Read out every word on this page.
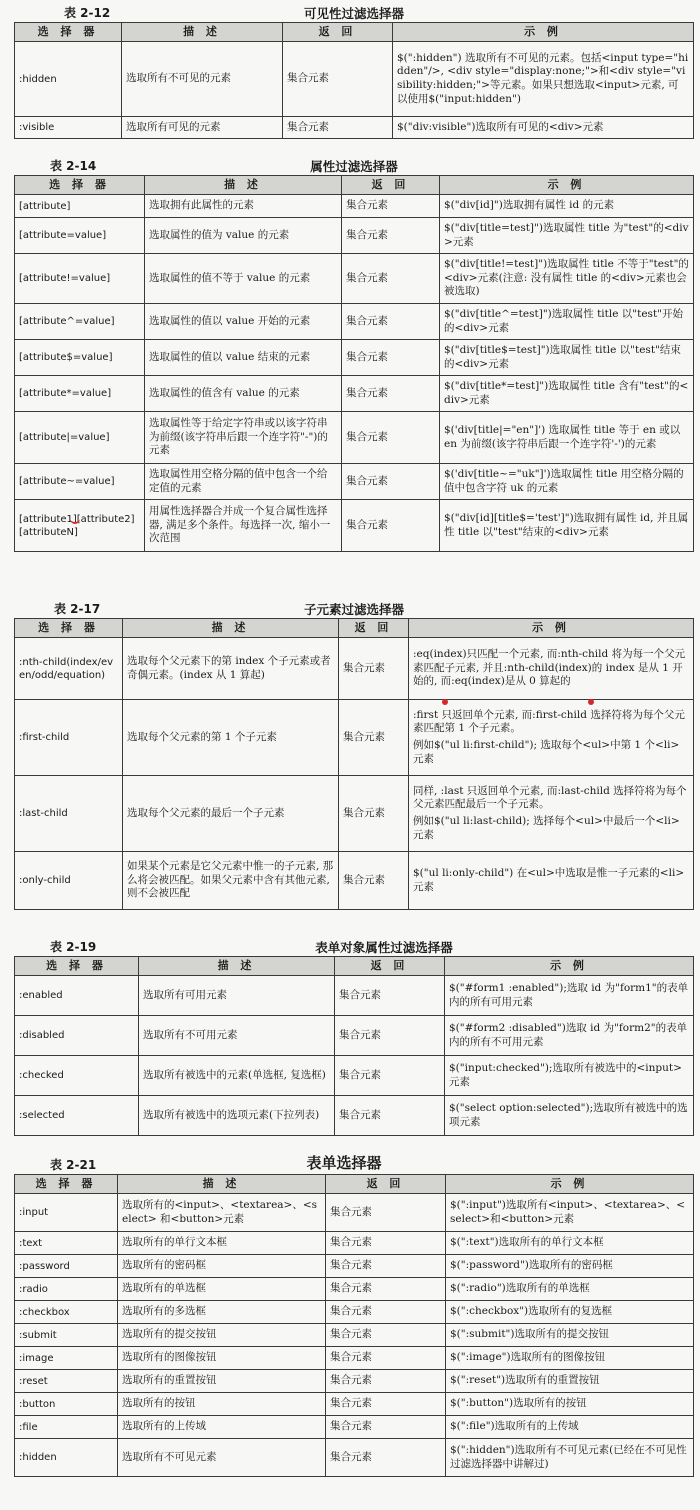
表 2-12	可见性过滤选择器
选 择 器	描 述	返 回	示 例
:hidden	选取所有不可见的元素	集合元素	$(":hidden") 选取所有不可见的元素。包括<input type="hidden"/>, <div style="display:none;">和<div style="visibility:hidden;">等元素。如果只想选取<input>元素, 可以使用$("input:hidden")
:visible	选取所有可见的元素	集合元素	$("div:visible")选取所有可见的<div>元素
表 2-14	属性过滤选择器
选 择 器	描 述	返 回	示 例
[attribute]	选取拥有此属性的元素	集合元素	$("div[id]")选取拥有属性 id 的元素
[attribute=value]	选取属性的值为 value 的元素	集合元素	$("div[title=test]")选取属性 title 为"test"的<div>元素
[attribute!=value]	选取属性的值不等于 value 的元素	集合元素	$("div[title!=test]")选取属性 title 不等于"test"的<div>元素(注意: 没有属性 title 的<div>元素也会被选取)
[attribute^=value]	选取属性的值以 value 开始的元素	集合元素	$("div[title^=test]")选取属性 title 以"test"开始的<div>元素
[attribute$=value]	选取属性的值以 value 结束的元素	集合元素	$("div[title$=test]")选取属性 title 以"test"结束的<div>元素
[attribute*=value]	选取属性的值含有 value 的元素	集合元素	$("div[title*=test]")选取属性 title 含有"test"的<div>元素
[attribute|=value]	选取属性等于给定字符串或以该字符串为前缀(该字符串后跟一个连字符"-")的元素	集合元素	$('div[title|="en"]') 选取属性 title 等于 en 或以 en 为前缀(该字符串后跟一个连字符'-')的元素
[attribute~=value]	选取属性用空格分隔的值中包含一个给定值的元素	集合元素	$('div[title~="uk"]')选取属性 title 用空格分隔的值中包含字符 uk 的元素
[attribute1][attribute2][attributeN]	用属性选择器合并成一个复合属性选择器, 满足多个条件。每选择一次, 缩小一次范围	集合元素	$("div[id][title$='test']")选取拥有属性 id, 并且属性 title 以"test"结束的<div>元素
表 2-17	子元素过滤选择器
选 择 器	描 述	返 回	示 例
:nth-child(index/even/odd/equation)	选取每个父元素下的第 index 个子元素或者奇偶元素。(index 从 1 算起)	集合元素	:eq(index)只匹配一个元素, 而:nth-child 将为每一个父元素匹配子元素, 并且:nth-child(index)的 index 是从 1 开始的, 而:eq(index)是从 0 算起的
:first-child	选取每个父元素的第 1 个子元素	集合元素	:first 只返回单个元素, 而:first-child 选择符将为每个父元素匹配第 1 个子元素。
例如$("ul li:first-child"); 选取每个<ul>中第 1 个<li>元素

:last-child	选取每个父元素的最后一个子元素	集合元素	同样, :last 只返回单个元素, 而:last-child 选择符将为每个父元素匹配最后一个子元素。
例如$("ul li:last-child); 选择每个<ul>中最后一个<li>元素

:only-child	如果某个元素是它父元素中惟一的子元素, 那么将会被匹配。如果父元素中含有其他元素, 则不会被匹配	集合元素	$("ul li:only-child") 在<ul>中选取是惟一子元素的<li>元素
表 2-19	表单对象属性过滤选择器
选 择 器	描 述	返 回	示 例
:enabled	选取所有可用元素	集合元素	$("#form1 :enabled");选取 id 为"form1"的表单内的所有可用元素
:disabled	选取所有不可用元素	集合元素	$("#form2 :disabled")选取 id 为"form2"的表单内的所有不可用元素
:checked	选取所有被选中的元素(单选框, 复选框)	集合元素	$("input:checked");选取所有被选中的<input>元素
:selected	选取所有被选中的选项元素(下拉列表)	集合元素	$("select option:selected");选取所有被选中的选项元素
表 2-21	表单选择器
选 择 器	描 述	返 回	示 例
:input	选取所有的<input>、<textarea>、<select> 和<button>元素	集合元素	$(":input")选取所有<input>、<textarea>、<select>和<button>元素
:text	选取所有的单行文本框	集合元素	$(":text")选取所有的单行文本框
:password	选取所有的密码框	集合元素	$(":password")选取所有的密码框
:radio	选取所有的单选框	集合元素	$(":radio")选取所有的单选框
:checkbox	选取所有的多选框	集合元素	$(":checkbox")选取所有的复选框
:submit	选取所有的提交按钮	集合元素	$(":submit")选取所有的提交按钮
:image	选取所有的图像按钮	集合元素	$(":image")选取所有的图像按钮
:reset	选取所有的重置按钮	集合元素	$(":reset")选取所有的重置按钮
:button	选取所有的按钮	集合元素	$(":button")选取所有的按钮
:file	选取所有的上传域	集合元素	$(":file")选取所有的上传域
:hidden	选取所有不可见元素	集合元素	$(":hidden")选取所有不可见元素(已经在不可见性过滤选择器中讲解过)
